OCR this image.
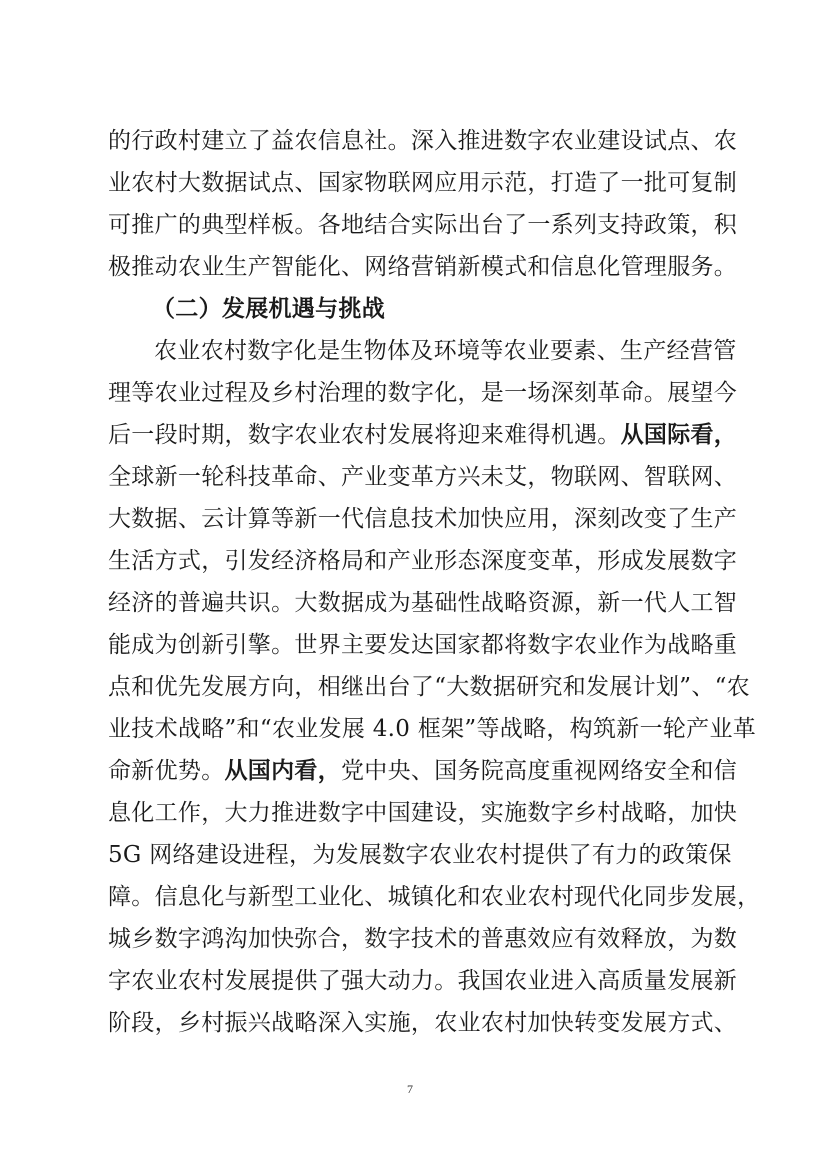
的行政村建立了益农信息社。深入推进数字农业建设试点、农
业农村大数据试点、国家物联网应用示范，打造了一批可复制
可推广的典型样板。各地结合实际出台了一系列支持政策，积
极推动农业生产智能化、网络营销新模式和信息化管理服务。
（二）发展机遇与挑战
农业农村数字化是生物体及环境等农业要素、生产经营管
理等农业过程及乡村治理的数字化，是一场深刻革命。展望今
后一段时期，数字农业农村发展将迎来难得机遇。从国际看，
全球新一轮科技革命、产业变革方兴未艾，物联网、智联网、
大数据、云计算等新一代信息技术加快应用，深刻改变了生产
生活方式，引发经济格局和产业形态深度变革，形成发展数字
经济的普遍共识。大数据成为基础性战略资源，新一代人工智
能成为创新引擎。世界主要发达国家都将数字农业作为战略重
点和优先发展方向，相继出台了“大数据研究和发展计划”、“农
业技术战略”和“农业发展 4.0 框架”等战略，构筑新一轮产业革
命新优势。从国内看，党中央、国务院高度重视网络安全和信
息化工作，大力推进数字中国建设，实施数字乡村战略，加快
5G 网络建设进程，为发展数字农业农村提供了有力的政策保
障。信息化与新型工业化、城镇化和农业农村现代化同步发展，
城乡数字鸿沟加快弥合，数字技术的普惠效应有效释放，为数
字农业农村发展提供了强大动力。我国农业进入高质量发展新
阶段，乡村振兴战略深入实施，农业农村加快转变发展方式、
7
